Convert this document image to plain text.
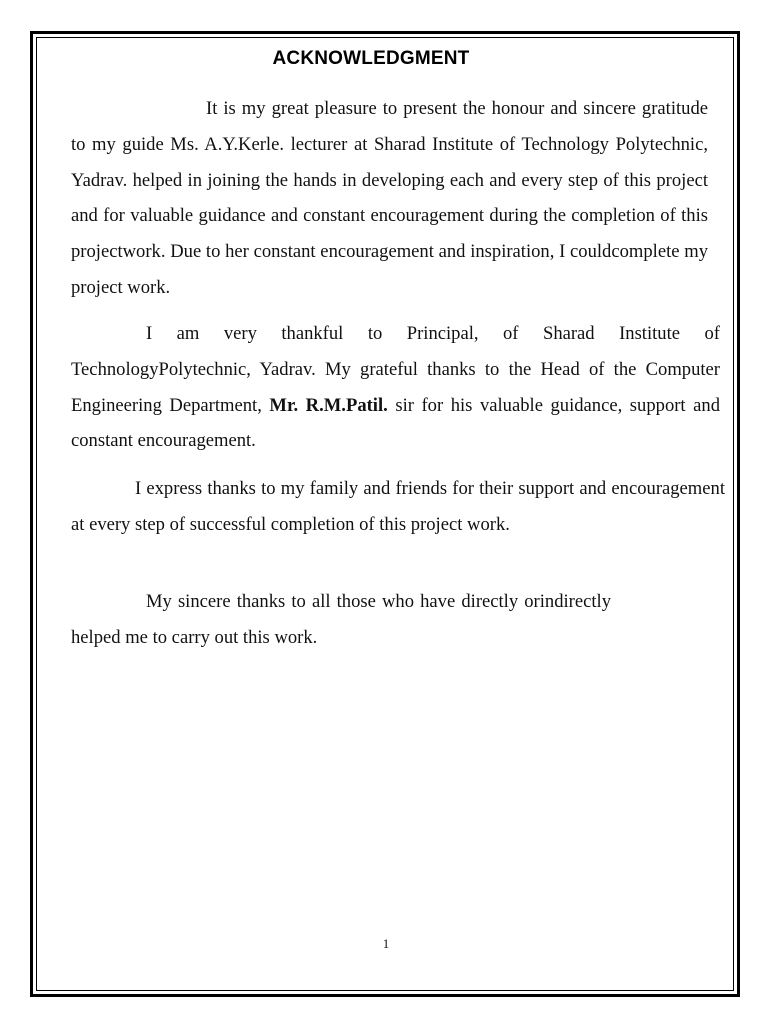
ACKNOWLEDGMENT

It is my great pleasure to present the honour and sincere gratitude to my guide Ms. A.Y.Kerle. lecturer at Sharad Institute of Technology Polytechnic, Yadrav. helped in joining the hands in developing each and every step of this project and for valuable guidance and constant encouragement during the completion of this projectwork. Due to her constant encouragement and inspiration, I couldcomplete my project work.

I am very thankful to Principal, of Sharad Institute of TechnologyPolytechnic, Yadrav. My grateful thanks to the Head of the Computer Engineering Department, Mr. R.M.Patil. sir for his valuable guidance, support and constant encouragement.

I express thanks to my family and friends for their support and encouragement at every step of successful completion of this project work.

My sincere thanks to all those who have directly orindirectly helped me to carry out this work.

1
